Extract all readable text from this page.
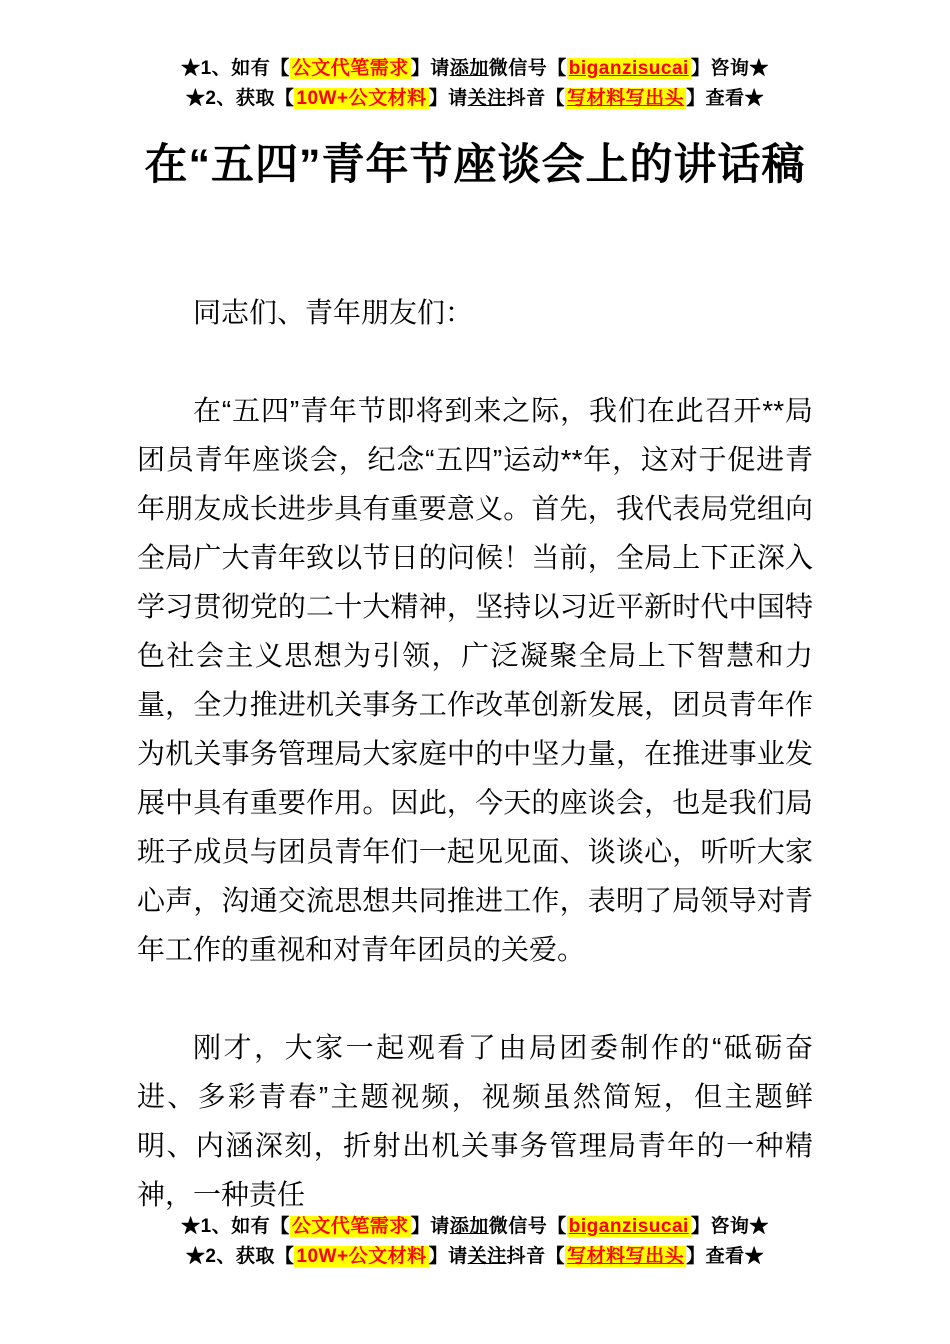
★1、如有【 公文代笔需求 】请添加微信号【 biganzisucai 】咨询★
★2、获取【 10W+公文材料 】请关注抖音【 写材料写出头 】查看★
在“五四”青年节座谈会上的讲话稿

同志们、青年朋友们：

在“五四”青年节即将到来之际，我们在此召开**局团员青年座谈会，纪念“五四”运动**年，这对于促进青年朋友成长进步具有重要意义。首先，我代表局党组向全局广大青年致以节日的问候！当前，全局上下正深入学习贯彻党的二十大精神，坚持以习近平新时代中国特色社会主义思想为引领，广泛凝聚全局上下智慧和力量，全力推进机关事务工作改革创新发展，团员青年作为机关事务管理局大家庭中的中坚力量，在推进事业发展中具有重要作用。因此，今天的座谈会，也是我们局班子成员与团员青年们一起见见面、谈谈心，听听大家心声，沟通交流思想共同推进工作，表明了局领导对青年工作的重视和对青年团员的关爱。

刚才，大家一起观看了由局团委制作的“砥砺奋进、多彩青春”主题视频，视频虽然简短，但主题鲜明、内涵深刻，折射出机关事务管理局青年的一种精神，一种责任

★1、如有【 公文代笔需求 】请添加微信号【 biganzisucai 】咨询★
★2、获取【 10W+公文材料 】请关注抖音【 写材料写出头 】查看★
